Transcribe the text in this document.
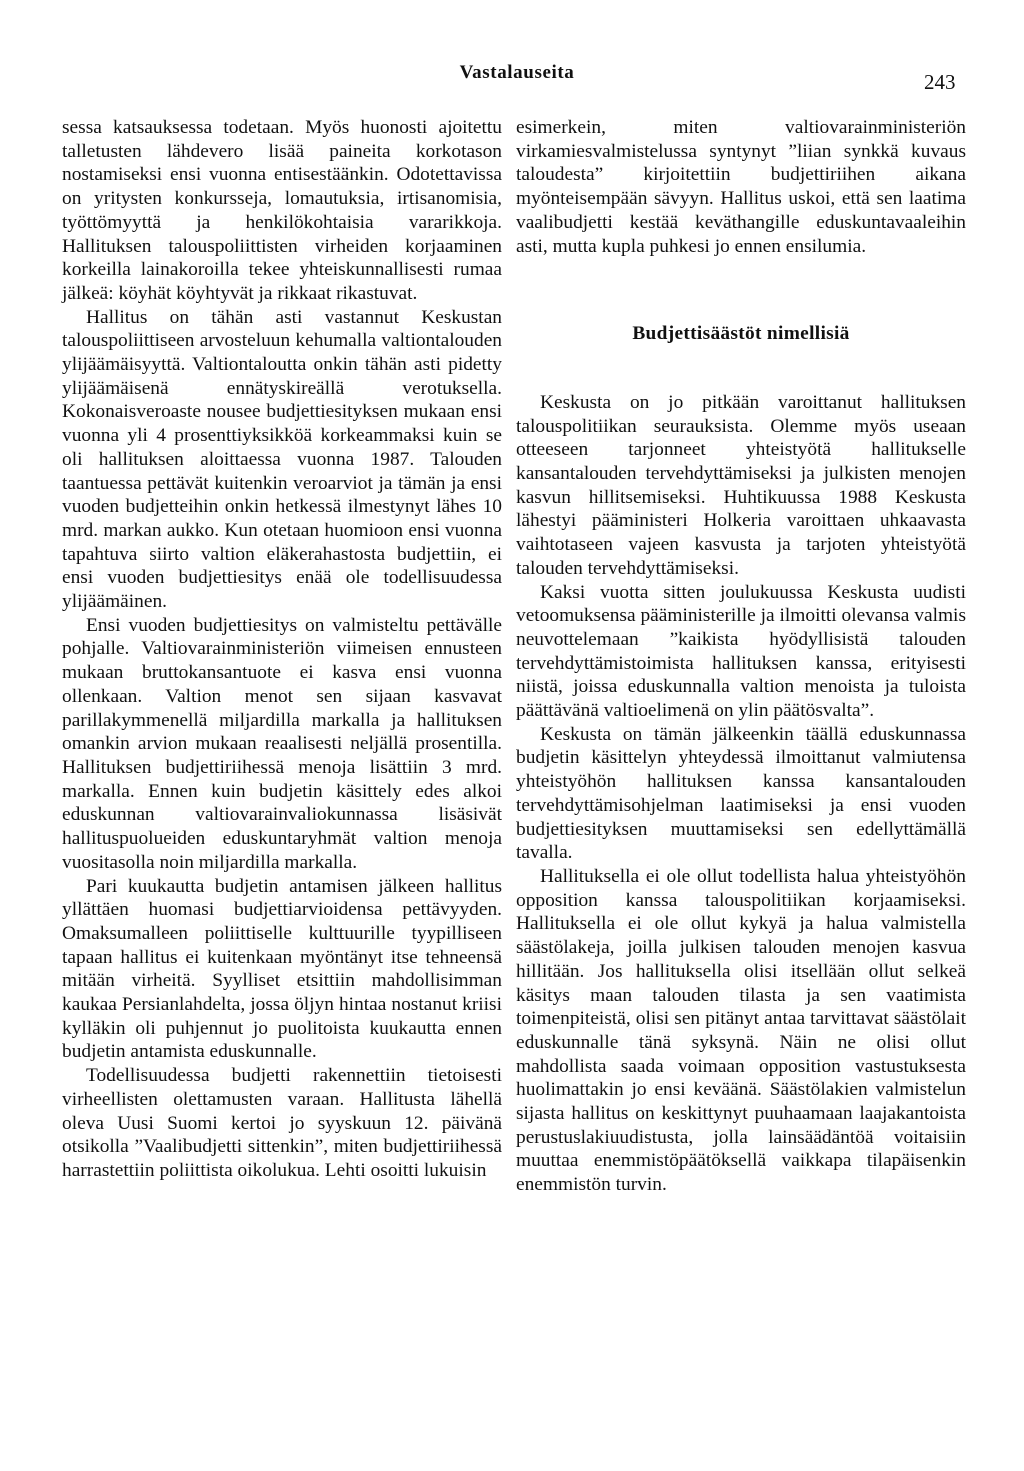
Vastalauseita	243

sessa katsauksessa todetaan. Myös huonosti ajoitettu talletusten lähdevero lisää paineita korkotason nostamiseksi ensi vuonna entisestäänkin. Odotettavissa on yritysten konkursseja, lomautuksia, irtisanomisia, työttömyyttä ja henkilökohtaisia vararikkoja. Hallituksen talouspoliittisten virheiden korjaaminen korkeilla lainakoroilla tekee yhteiskunnallisesti rumaa jälkeä: köyhät köyhtyvät ja rikkaat rikastuvat.

Hallitus on tähän asti vastannut Keskustan talouspoliittiseen arvosteluun kehumalla valtiontalouden ylijäämäisyyttä. Valtiontaloutta onkin tähän asti pidetty ylijäämäisenä ennätyskireällä verotuksella. Kokonaisveroaste nousee budjettiesityksen mukaan ensi vuonna yli 4 prosenttiyksikköä korkeammaksi kuin se oli hallituksen aloittaessa vuonna 1987. Talouden taantuessa pettävät kuitenkin veroarviot ja tämän ja ensi vuoden budjetteihin onkin hetkessä ilmestynyt lähes 10 mrd. markan aukko. Kun otetaan huomioon ensi vuonna tapahtuva siirto valtion eläkerahastosta budjettiin, ei ensi vuoden budjettiesitys enää ole todellisuudessa ylijäämäinen.

Ensi vuoden budjettiesitys on valmisteltu pettävälle pohjalle. Valtiovarainministeriön viimeisen ennusteen mukaan bruttokansantuote ei kasva ensi vuonna ollenkaan. Valtion menot sen sijaan kasvavat parillakymmenellä miljardilla markalla ja hallituksen omankin arvion mukaan reaalisesti neljällä prosentilla. Hallituksen budjettiriihessä menoja lisättiin 3 mrd. markalla. Ennen kuin budjetin käsittely edes alkoi eduskunnan valtiovarainvaliokunnassa lisäsivät hallituspuolueiden eduskuntaryhmät valtion menoja vuositasolla noin miljardilla markalla.

Pari kuukautta budjetin antamisen jälkeen hallitus yllättäen huomasi budjettiarvioidensa pettävyyden. Omaksumalleen poliittiselle kulttuurille tyypilliseen tapaan hallitus ei kuitenkaan myöntänyt itse tehneensä mitään virheitä. Syylliset etsittiin mahdollisimman kaukaa Persianlahdelta, jossa öljyn hintaa nostanut kriisi kylläkin oli puhjennut jo puolitoista kuukautta ennen budjetin antamista eduskunnalle.

Todellisuudessa budjetti rakennettiin tietoisesti virheellisten olettamusten varaan. Hallitusta lähellä oleva Uusi Suomi kertoi jo syyskuun 12. päivänä otsikolla ”Vaalibudjetti sittenkin”, miten budjettiriihessä harrastettiin poliittista oikolukua. Lehti osoitti lukuisin

esimerkein, miten valtiovarainministeriön virkamiesvalmistelussa syntynyt ”liian synkkä kuvaus taloudesta” kirjoitettiin budjettiriihen aikana myönteisempään sävyyn. Hallitus uskoi, että sen laatima vaalibudjetti kestää keväthangille eduskuntavaaleihin asti, mutta kupla puhkesi jo ennen ensilumia.

Budjettisäästöt nimellisiä

Keskusta on jo pitkään varoittanut hallituksen talouspolitiikan seurauksista. Olemme myös useaan otteeseen tarjonneet yhteistyötä hallitukselle kansantalouden tervehdyttämiseksi ja julkisten menojen kasvun hillitsemiseksi. Huhtikuussa 1988 Keskusta lähestyi pääministeri Holkeria varoittaen uhkaavasta vaihtotaseen vajeen kasvusta ja tarjoten yhteistyötä talouden tervehdyttämiseksi.

Kaksi vuotta sitten joulukuussa Keskusta uudisti vetoomuksensa pääministerille ja ilmoitti olevansa valmis neuvottelemaan ”kaikista hyödyllisistä talouden tervehdyttämistoimista hallituksen kanssa, erityisesti niistä, joissa eduskunnalla valtion menoista ja tuloista päättävänä valtioelimenä on ylin päätösvalta”.

Keskusta on tämän jälkeenkin täällä eduskunnassa budjetin käsittelyn yhteydessä ilmoittanut valmiutensa yhteistyöhön hallituksen kanssa kansantalouden tervehdyttämisohjelman laatimiseksi ja ensi vuoden budjettiesityksen muuttamiseksi sen edellyttämällä tavalla.

Hallituksella ei ole ollut todellista halua yhteistyöhön opposition kanssa talouspolitiikan korjaamiseksi. Hallituksella ei ole ollut kykyä ja halua valmistella säästölakeja, joilla julkisen talouden menojen kasvua hillitään. Jos hallituksella olisi itsellään ollut selkeä käsitys maan talouden tilasta ja sen vaatimista toimenpiteistä, olisi sen pitänyt antaa tarvittavat säästölait eduskunnalle tänä syksynä. Näin ne olisi ollut mahdollista saada voimaan opposition vastustuksesta huolimattakin jo ensi keväänä. Säästölakien valmistelun sijasta hallitus on keskittynyt puuhaamaan laajakantoista perustuslakiuudistusta, jolla lainsäädäntöä voitaisiin muuttaa enemmistöpäätöksellä vaikkapa tilapäisenkin enemmistön turvin.
